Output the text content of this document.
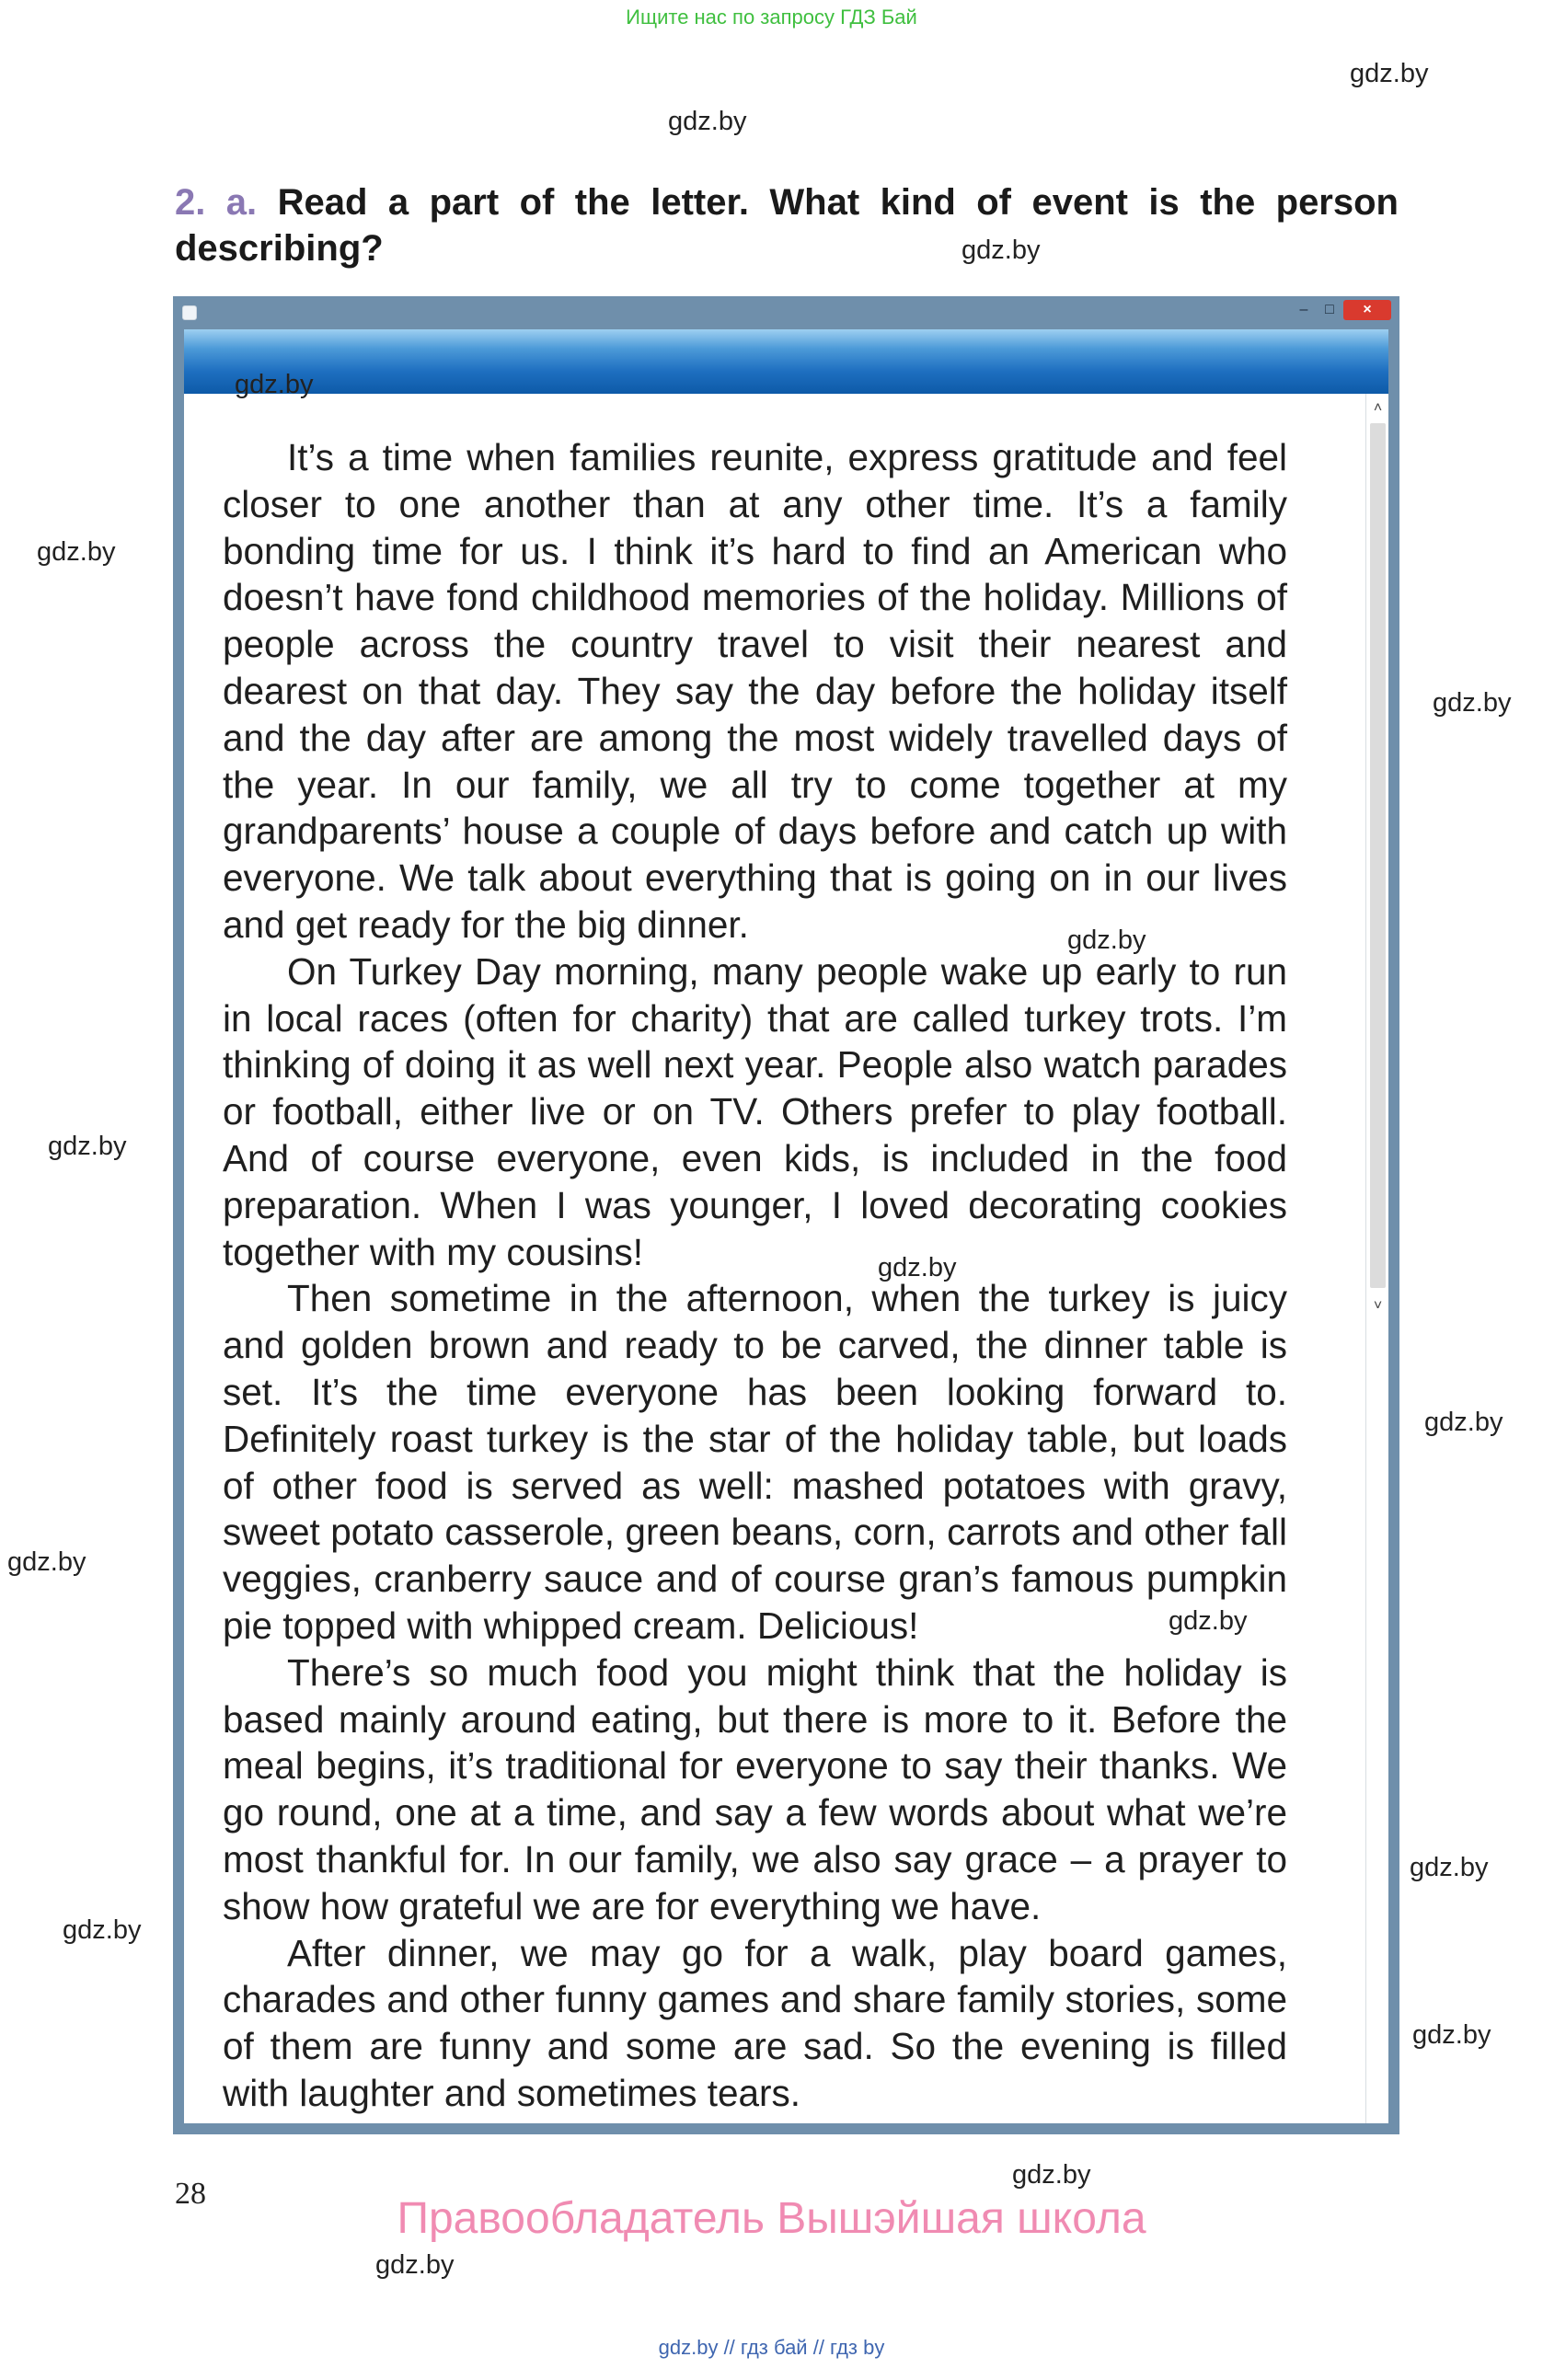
Ищите нас по запросу ГДЗ Бай
gdz.by
gdz.by
gdz.by
2. a. Read a part of the letter. What kind of event is the person describing?
–	□	×
˄
˅
gdz.by

It’s a time when families reunite, express gratitude and feel closer to one another than at any other time. It’s a family bonding time for us. I think it’s hard to find an American who doesn’t have fond childhood memories of the holiday. Millions of people across the country travel to visit their nearest and dearest on that day. They say the day before the holiday itself and the day after are among the most widely travelled days of the year. In our family, we all try to come together at my grandparents’ house a couple of days before and catch up with everyone. We talk about everything that is going on in our lives and get ready for the big dinner.

On Turkey Day morning, many people wake up early to run in local races (often for charity) that are called turkey trots. I’m thinking of doing it as well next year. People also watch parades or football, either live or on TV. Others prefer to play football. And of course everyone, even kids, is included in the food preparation. When I was younger, I loved decorating cookies together with my cousins!

Then sometime in the afternoon, when the turkey is juicy and golden brown and ready to be carved, the dinner table is set. It’s the time everyone has been looking forward to. Definitely roast turkey is the star of the holiday table, but loads of other food is served as well: mashed potatoes with gravy, sweet potato casserole, green beans, corn, carrots and other fall veggies, cranberry sauce and of course gran’s famous pumpkin pie topped with whipped cream. Delicious!

There’s so much food you might think that the holiday is based mainly around eating, but there is more to it. Before the meal begins, it’s traditional for everyone to say their thanks. We go round, one at a time, and say a few words about what we’re most thankful for. In our family, we also say grace – a prayer to show how grateful we are for everything we have.

After dinner, we may go for a walk, play board games, charades and other funny games and share family stories, some of them are funny and some are sad. So the evening is filled with laughter and sometimes tears.

gdz.by
gdz.by
gdz.by
gdz.by
gdz.by
gdz.by
gdz.by
gdz.by
gdz.by
gdz.by
gdz.by
gdz.by
gdz.by
28
Правообладатель Вышэйшая школа
gdz.by // гдз бай // гдз by
